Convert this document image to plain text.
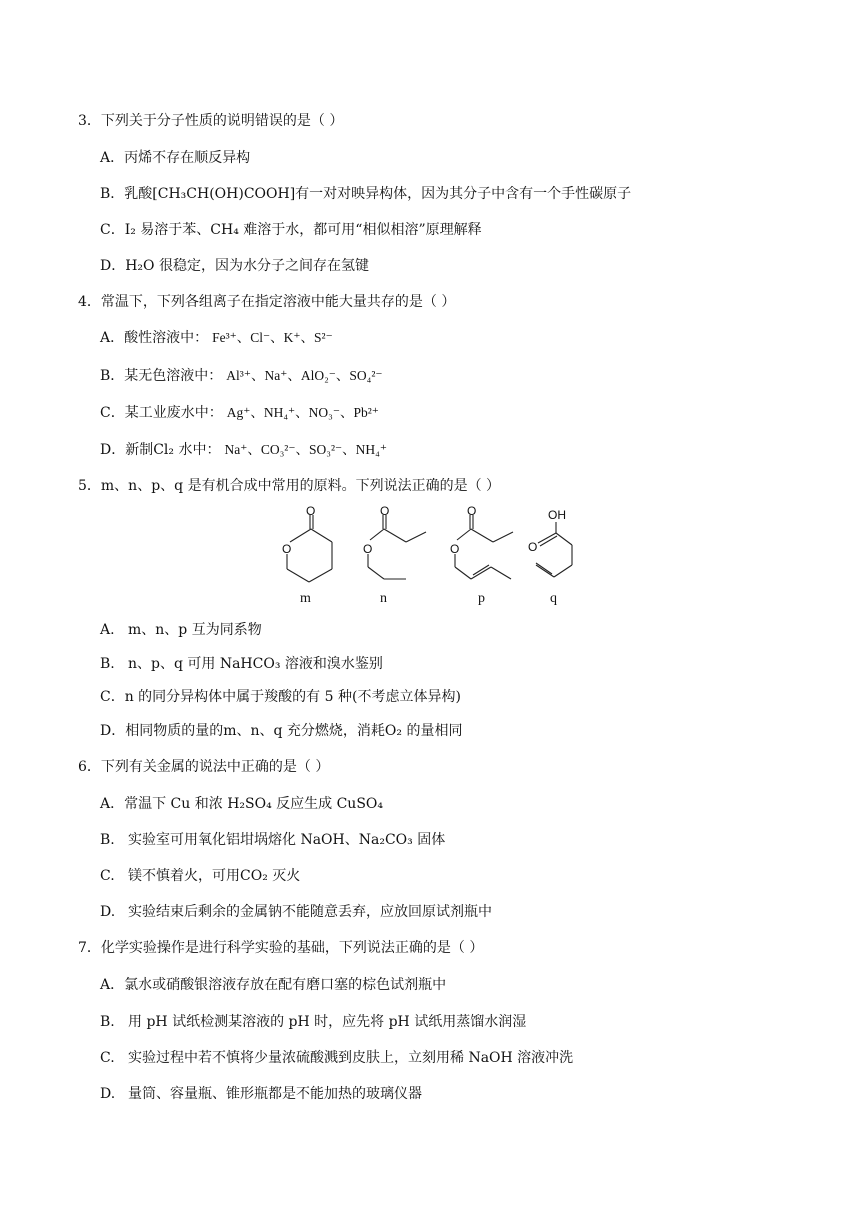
3．下列关于分子性质的说明错误的是（ ）
A．丙烯不存在顺反异构
B．乳酸[CH₃CH(OH)COOH]有一对对映异构体，因为其分子中含有一个手性碳原子
C．I₂ 易溶于苯、CH₄ 难溶于水，都可用“相似相溶”原理解释
D．H₂O 很稳定，因为水分子之间存在氢键
4．常温下，下列各组离子在指定溶液中能大量共存的是（ ）
A．酸性溶液中： Fe³⁺、Cl⁻、K⁺、S²⁻
B．某无色溶液中： Al³⁺、Na⁺、AlO₂⁻、SO₄²⁻
C．某工业废水中： Ag⁺、NH₄⁺、NO₃⁻、Pb²⁺
D．新制Cl₂ 水中： Na⁺、CO₃²⁻、SO₃²⁻、NH₄⁺
5．m、n、p、q 是有机合成中常用的原料。下列说法正确的是（ ）
O
O
O
O
O
O
OH
O
m	n	p	q
A. m、n、p 互为同系物
B. n、p、q 可用 NaHCO₃ 溶液和溴水鉴别
C．n 的同分异构体中属于羧酸的有 5 种(不考虑立体异构)
D．相同物质的量的m、n、q 充分燃烧，消耗O₂ 的量相同
6．下列有关金属的说法中正确的是（ ）
A．常温下 Cu 和浓 H₂SO₄ 反应生成 CuSO₄
B. 实验室可用氧化铝坩埚熔化 NaOH、Na₂CO₃ 固体
C. 镁不慎着火，可用CO₂ 灭火
D. 实验结束后剩余的金属钠不能随意丢弃，应放回原试剂瓶中
7．化学实验操作是进行科学实验的基础，下列说法正确的是（ ）
A．氯水或硝酸银溶液存放在配有磨口塞的棕色试剂瓶中
B. 用 pH 试纸检测某溶液的 pH 时，应先将 pH 试纸用蒸馏水润湿
C. 实验过程中若不慎将少量浓硫酸溅到皮肤上，立刻用稀 NaOH 溶液冲洗
D. 量筒、容量瓶、锥形瓶都是不能加热的玻璃仪器
